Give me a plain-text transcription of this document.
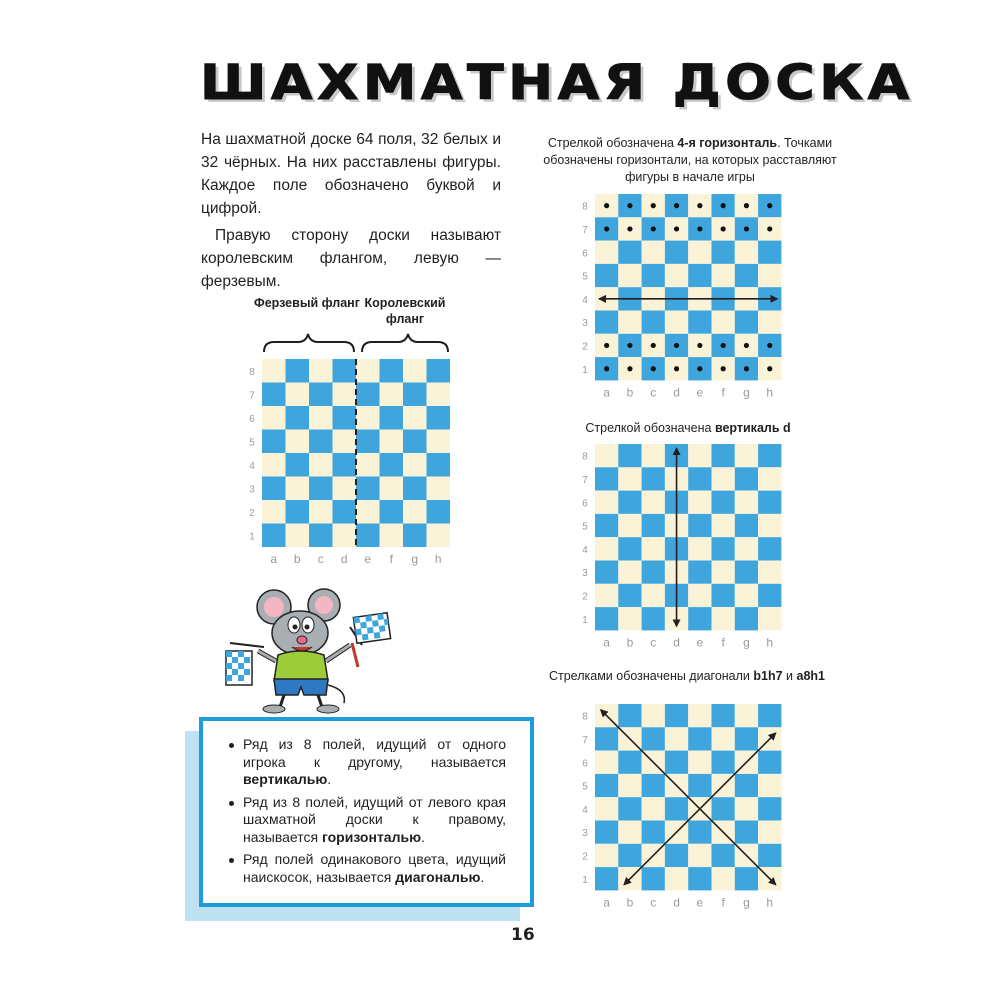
ШАХМАТНАЯ ДОСКА

На шахматной доске 64 поля, 32 белых и 32 чёрных. На них расставлены фигуры. Каждое поле обозначено буквой и цифрой.

Правую сторону доски называют королевским флангом, левую — ферзевым.

Ферзевый фланг Королевский фланг
8
7
6
5
4
3
2
1
a b c d e f g h
Стрелкой обозначена 4-я горизонталь. Точками обозначены горизонтали, на которых расставляют фигуры в начале игры
8
7
6
5
4
3
2
1
a b c d e f g h
Стрелкой обозначена вертикаль d
8
7
6
5
4
3
2
1
a b c d e f g h
Стрелками обозначены диагонали b1h7 и a8h1
8
7
6
5
4
3
2
1
a b c d e f g h
Ряд из 8 полей, идущий от одного игрока к другому, называется вертикалью.
Ряд из 8 полей, идущий от левого края шахматной доски к правому, называется горизонталью.
Ряд полей одинакового цвета, идущий наискосок, называется диагональю.
16
